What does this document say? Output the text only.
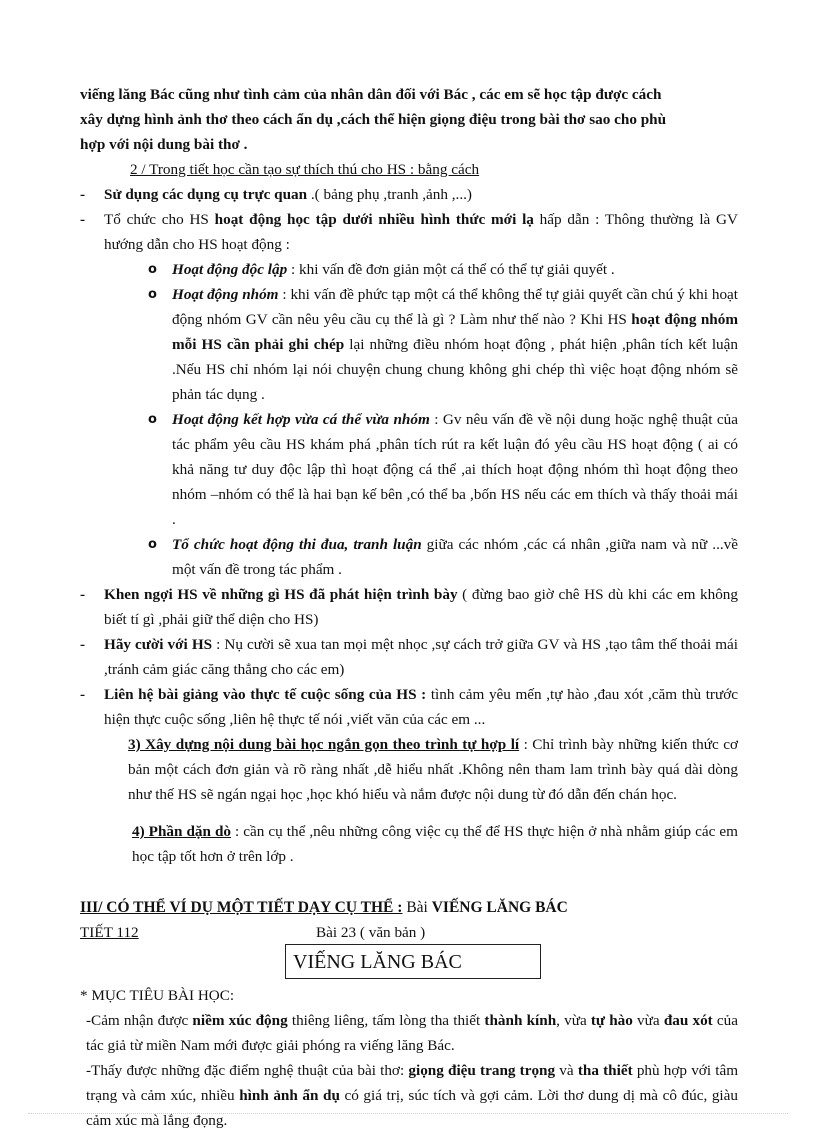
viếng lăng Bác cũng như tình cảm của nhân dân đối với Bác , các em sẽ học tập được cách
xây dựng hình ảnh thơ theo cách ẩn dụ ,cách thể hiện giọng điệu trong bài thơ sao cho phù
hợp với nội dung bài thơ .

2 / Trong tiết học cần tạo sự thích thú cho HS : bằng cách

- Sử dụng các dụng cụ trực quan .( bảng phụ ,tranh ,ảnh ,...)

- Tổ chức cho HS hoạt động học tập dưới nhiều hình thức mới lạ hấp dẫn : Thông thường là GV hướng dẫn cho HS hoạt động :

o Hoạt động độc lập : khi vấn đề đơn giản một cá thể có thể tự giải quyết .

o Hoạt động nhóm : khi vấn đề phức tạp một cá thể không thể tự giải quyết cần chú ý khi hoạt động nhóm GV cần nêu yêu cầu cụ thể là gì ? Làm như thế nào ? Khi HS hoạt động nhóm mỗi HS cần phải ghi chép lại những điều nhóm hoạt động , phát hiện ,phân tích kết luận .Nếu HS chỉ nhóm lại nói chuyện chung chung không ghi chép thì việc hoạt động nhóm sẽ phản tác dụng .

o Hoạt động kết hợp vừa cá thể vừa nhóm : Gv nêu vấn đề về nội dung hoặc nghệ thuật của tác phẩm yêu cầu HS khám phá ,phân tích rút ra kết luận đó yêu cầu HS hoạt động ( ai có khả năng tư duy độc lập thì hoạt động cá thể ,ai thích hoạt động nhóm thì hoạt động theo nhóm –nhóm có thể là hai bạn kế bên ,có thể ba ,bốn HS nếu các em thích và thấy thoải mái .

o Tổ chức hoạt động thi đua, tranh luận giữa các nhóm ,các cá nhân ,giữa nam và nữ ...về một vấn đề trong tác phẩm .

- Khen ngợi HS về những gì HS đã phát hiện trình bày ( đừng bao giờ chê HS dù khi các em không biết tí gì ,phải giữ thể diện cho HS)

- Hãy cười với HS : Nụ cười sẽ xua tan mọi mệt nhọc ,sự cách trở giữa GV và HS ,tạo tâm thế thoải mái ,tránh cảm giác căng thẳng cho các em)

- Liên hệ bài giảng vào thực tế cuộc sống của HS : tình cảm yêu mến ,tự hào ,đau xót ,căm thù trước hiện thực cuộc sống ,liên hệ thực tế nói ,viết văn của các em ...

3) Xây dựng nội dung bài học ngắn gọn theo trình tự hợp lí : Chỉ trình bày những kiến thức cơ bản một cách đơn giản và rõ ràng nhất ,dễ hiểu nhất .Không nên tham lam trình bày quá dài dòng như thế HS sẽ ngán ngại học ,học khó hiểu và nắm được nội dung từ đó dẫn đến chán học.

4) Phần dặn dò : cần cụ thể ,nêu những công việc cụ thể để HS thực hiện ở nhà nhằm giúp các em học tập tốt hơn ở trên lớp .

III/ CÓ THỂ VÍ DỤ MỘT TIẾT DẠY CỤ THỂ : Bài VIẾNG LĂNG BÁC

TIẾT 112	Bài 23 ( văn bản )
VIẾNG LĂNG BÁC

* MỤC TIÊU BÀI HỌC:

-Cảm nhận được niềm xúc động thiêng liêng, tấm lòng tha thiết thành kính, vừa tự hào vừa đau xót của tác giả từ miền Nam mới được giải phóng ra viếng lăng Bác.

-Thấy được những đặc điểm nghệ thuật của bài thơ: giọng điệu trang trọng và tha thiết phù hợp với tâm trạng và cảm xúc, nhiều hình ảnh ẩn dụ có giá trị, súc tích và gợi cảm. Lời thơ dung dị mà cô đúc, giàu cảm xúc mà lắng đọng.
